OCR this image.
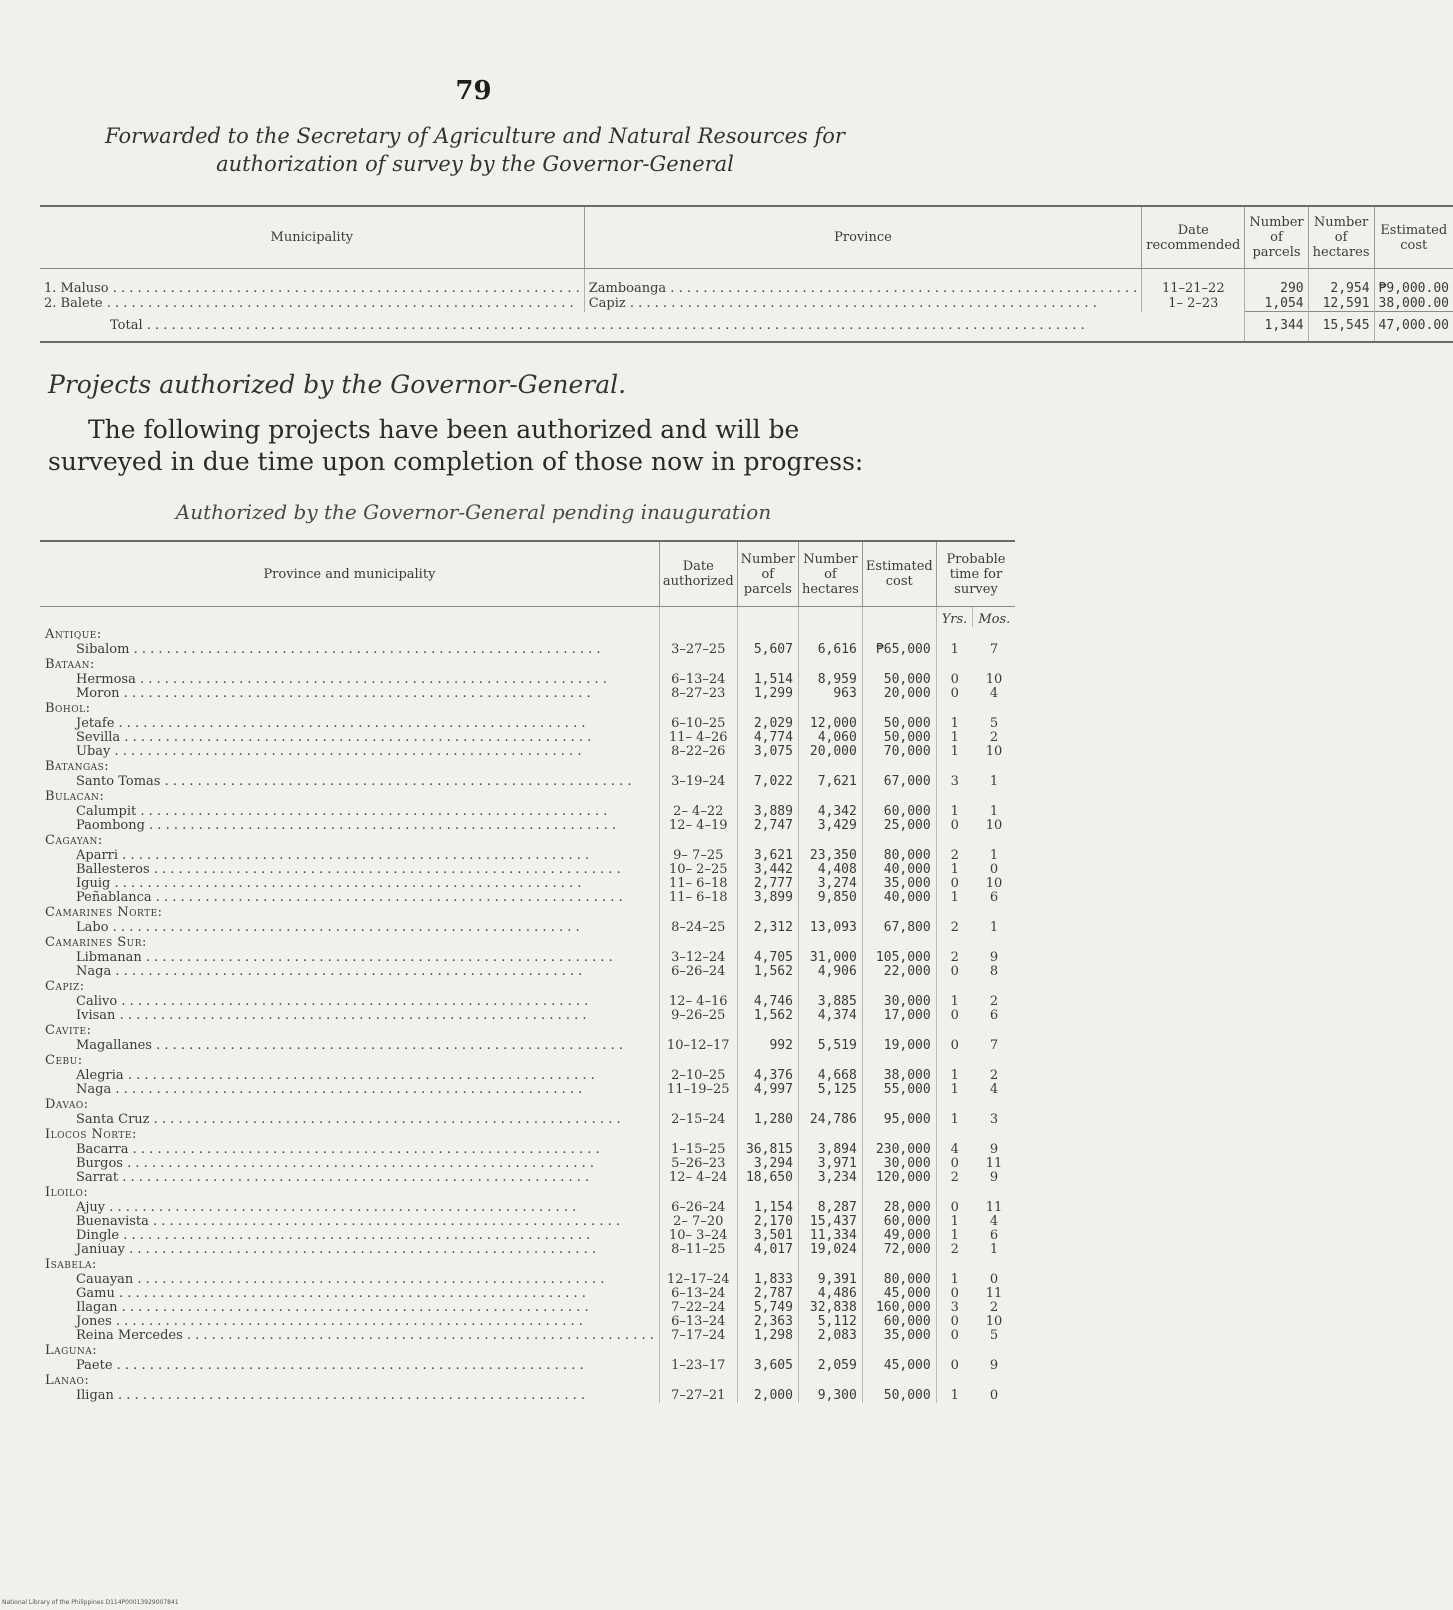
79
Forwarded to the Secretary of Agriculture and Natural Resources for
authorization of survey by the Governor-General
Municipality	Province	Date recommended	Number of parcels	Number of hectares	Estimated cost
1. Maluso . . . . . . . . . . . . . . . . . . . . . . . . . . . . . . . . . . . . . . . . . . . . . . . . . . . . . . . . .	Zamboanga . . . . . . . . . . . . . . . . . . . . . . . . . . . . . . . . . . . . . . . . . . . . . . . . . . . . . . . . .	11–21–22	290	2,954	₱9,000.00
2. Balete . . . . . . . . . . . . . . . . . . . . . . . . . . . . . . . . . . . . . . . . . . . . . . . . . . . . . . . . .	Capiz . . . . . . . . . . . . . . . . . . . . . . . . . . . . . . . . . . . . . . . . . . . . . . . . . . . . . . . . .	1– 2–23	1,054	12,591	38,000.00
Total . . . . . . . . . . . . . . . . . . . . . . . . . . . . . . . . . . . . . . . . . . . . . . . . . . . . . . . . . . . . . . . . . . . . . . . . . . . . . . . . . . . . . . . . . . . . . . . . . . . . . . . . . . . . . . . . . .			1,344	15,545	47,000.00
Projects authorized by the Governor-General.
The following projects have been authorized and will be surveyed in due time upon completion of those now in progress:
Authorized by the Governor-General pending inauguration
Province and municipality	Date authorized	Number of parcels	Number of hectares	Estimated cost	Probable time for survey	
					Yrs.	Mos.
Antique:						
Sibalom . . . . . . . . . . . . . . . . . . . . . . . . . . . . . . . . . . . . . . . . . . . . . . . . . . . . . . . . .	3–27–25	5,607	6,616	₱65,000	1	7
Bataan:						
Hermosa . . . . . . . . . . . . . . . . . . . . . . . . . . . . . . . . . . . . . . . . . . . . . . . . . . . . . . . . .	6–13–24	1,514	8,959	50,000	0	10
Moron . . . . . . . . . . . . . . . . . . . . . . . . . . . . . . . . . . . . . . . . . . . . . . . . . . . . . . . . .	8–27–23	1,299	963	20,000	0	4
Bohol:						
Jetafe . . . . . . . . . . . . . . . . . . . . . . . . . . . . . . . . . . . . . . . . . . . . . . . . . . . . . . . . .	6–10–25	2,029	12,000	50,000	1	5
Sevilla . . . . . . . . . . . . . . . . . . . . . . . . . . . . . . . . . . . . . . . . . . . . . . . . . . . . . . . . .	11– 4–26	4,774	4,060	50,000	1	2
Ubay . . . . . . . . . . . . . . . . . . . . . . . . . . . . . . . . . . . . . . . . . . . . . . . . . . . . . . . . .	8–22–26	3,075	20,000	70,000	1	10
Batangas:						
Santo Tomas . . . . . . . . . . . . . . . . . . . . . . . . . . . . . . . . . . . . . . . . . . . . . . . . . . . . . . . . .	3–19–24	7,022	7,621	67,000	3	1
Bulacan:						
Calumpit . . . . . . . . . . . . . . . . . . . . . . . . . . . . . . . . . . . . . . . . . . . . . . . . . . . . . . . . .	2– 4–22	3,889	4,342	60,000	1	1
Paombong . . . . . . . . . . . . . . . . . . . . . . . . . . . . . . . . . . . . . . . . . . . . . . . . . . . . . . . . .	12– 4–19	2,747	3,429	25,000	0	10
Cagayan:						
Aparri . . . . . . . . . . . . . . . . . . . . . . . . . . . . . . . . . . . . . . . . . . . . . . . . . . . . . . . . .	9– 7–25	3,621	23,350	80,000	2	1
Ballesteros . . . . . . . . . . . . . . . . . . . . . . . . . . . . . . . . . . . . . . . . . . . . . . . . . . . . . . . . .	10– 2–25	3,442	4,408	40,000	1	0
Iguig . . . . . . . . . . . . . . . . . . . . . . . . . . . . . . . . . . . . . . . . . . . . . . . . . . . . . . . . .	11– 6–18	2,777	3,274	35,000	0	10
Peñablanca . . . . . . . . . . . . . . . . . . . . . . . . . . . . . . . . . . . . . . . . . . . . . . . . . . . . . . . . .	11– 6–18	3,899	9,850	40,000	1	6
Camarines Norte:						
Labo . . . . . . . . . . . . . . . . . . . . . . . . . . . . . . . . . . . . . . . . . . . . . . . . . . . . . . . . .	8–24–25	2,312	13,093	67,800	2	1
Camarines Sur:						
Libmanan . . . . . . . . . . . . . . . . . . . . . . . . . . . . . . . . . . . . . . . . . . . . . . . . . . . . . . . . .	3–12–24	4,705	31,000	105,000	2	9
Naga . . . . . . . . . . . . . . . . . . . . . . . . . . . . . . . . . . . . . . . . . . . . . . . . . . . . . . . . .	6–26–24	1,562	4,906	22,000	0	8
Capiz:						
Calivo . . . . . . . . . . . . . . . . . . . . . . . . . . . . . . . . . . . . . . . . . . . . . . . . . . . . . . . . .	12– 4–16	4,746	3,885	30,000	1	2
Ivisan . . . . . . . . . . . . . . . . . . . . . . . . . . . . . . . . . . . . . . . . . . . . . . . . . . . . . . . . .	9–26–25	1,562	4,374	17,000	0	6
Cavite:						
Magallanes . . . . . . . . . . . . . . . . . . . . . . . . . . . . . . . . . . . . . . . . . . . . . . . . . . . . . . . . .	10–12–17	992	5,519	19,000	0	7
Cebu:						
Alegria . . . . . . . . . . . . . . . . . . . . . . . . . . . . . . . . . . . . . . . . . . . . . . . . . . . . . . . . .	2–10–25	4,376	4,668	38,000	1	2
Naga . . . . . . . . . . . . . . . . . . . . . . . . . . . . . . . . . . . . . . . . . . . . . . . . . . . . . . . . .	11–19–25	4,997	5,125	55,000	1	4
Davao:						
Santa Cruz . . . . . . . . . . . . . . . . . . . . . . . . . . . . . . . . . . . . . . . . . . . . . . . . . . . . . . . . .	2–15–24	1,280	24,786	95,000	1	3
Ilocos Norte:						
Bacarra . . . . . . . . . . . . . . . . . . . . . . . . . . . . . . . . . . . . . . . . . . . . . . . . . . . . . . . . .	1–15–25	36,815	3,894	230,000	4	9
Burgos . . . . . . . . . . . . . . . . . . . . . . . . . . . . . . . . . . . . . . . . . . . . . . . . . . . . . . . . .	5–26–23	3,294	3,971	30,000	0	11
Sarrat . . . . . . . . . . . . . . . . . . . . . . . . . . . . . . . . . . . . . . . . . . . . . . . . . . . . . . . . .	12– 4–24	18,650	3,234	120,000	2	9
Iloilo:						
Ajuy . . . . . . . . . . . . . . . . . . . . . . . . . . . . . . . . . . . . . . . . . . . . . . . . . . . . . . . . .	6–26–24	1,154	8,287	28,000	0	11
Buenavista . . . . . . . . . . . . . . . . . . . . . . . . . . . . . . . . . . . . . . . . . . . . . . . . . . . . . . . . .	2– 7–20	2,170	15,437	60,000	1	4
Dingle . . . . . . . . . . . . . . . . . . . . . . . . . . . . . . . . . . . . . . . . . . . . . . . . . . . . . . . . .	10– 3–24	3,501	11,334	49,000	1	6
Janiuay . . . . . . . . . . . . . . . . . . . . . . . . . . . . . . . . . . . . . . . . . . . . . . . . . . . . . . . . .	8–11–25	4,017	19,024	72,000	2	1
Isabela:						
Cauayan . . . . . . . . . . . . . . . . . . . . . . . . . . . . . . . . . . . . . . . . . . . . . . . . . . . . . . . . .	12–17–24	1,833	9,391	80,000	1	0
Gamu . . . . . . . . . . . . . . . . . . . . . . . . . . . . . . . . . . . . . . . . . . . . . . . . . . . . . . . . .	6–13–24	2,787	4,486	45,000	0	11
Ilagan . . . . . . . . . . . . . . . . . . . . . . . . . . . . . . . . . . . . . . . . . . . . . . . . . . . . . . . . .	7–22–24	5,749	32,838	160,000	3	2
Jones . . . . . . . . . . . . . . . . . . . . . . . . . . . . . . . . . . . . . . . . . . . . . . . . . . . . . . . . .	6–13–24	2,363	5,112	60,000	0	10
Reina Mercedes . . . . . . . . . . . . . . . . . . . . . . . . . . . . . . . . . . . . . . . . . . . . . . . . . . . . . . . . .	7–17–24	1,298	2,083	35,000	0	5
Laguna:						
Paete . . . . . . . . . . . . . . . . . . . . . . . . . . . . . . . . . . . . . . . . . . . . . . . . . . . . . . . . .	1–23–17	3,605	2,059	45,000	0	9
Lanao:						
Iligan . . . . . . . . . . . . . . . . . . . . . . . . . . . . . . . . . . . . . . . . . . . . . . . . . . . . . . . . .	7–27–21	2,000	9,300	50,000	1	0
National Library of the Philippines D114P00013929007841
